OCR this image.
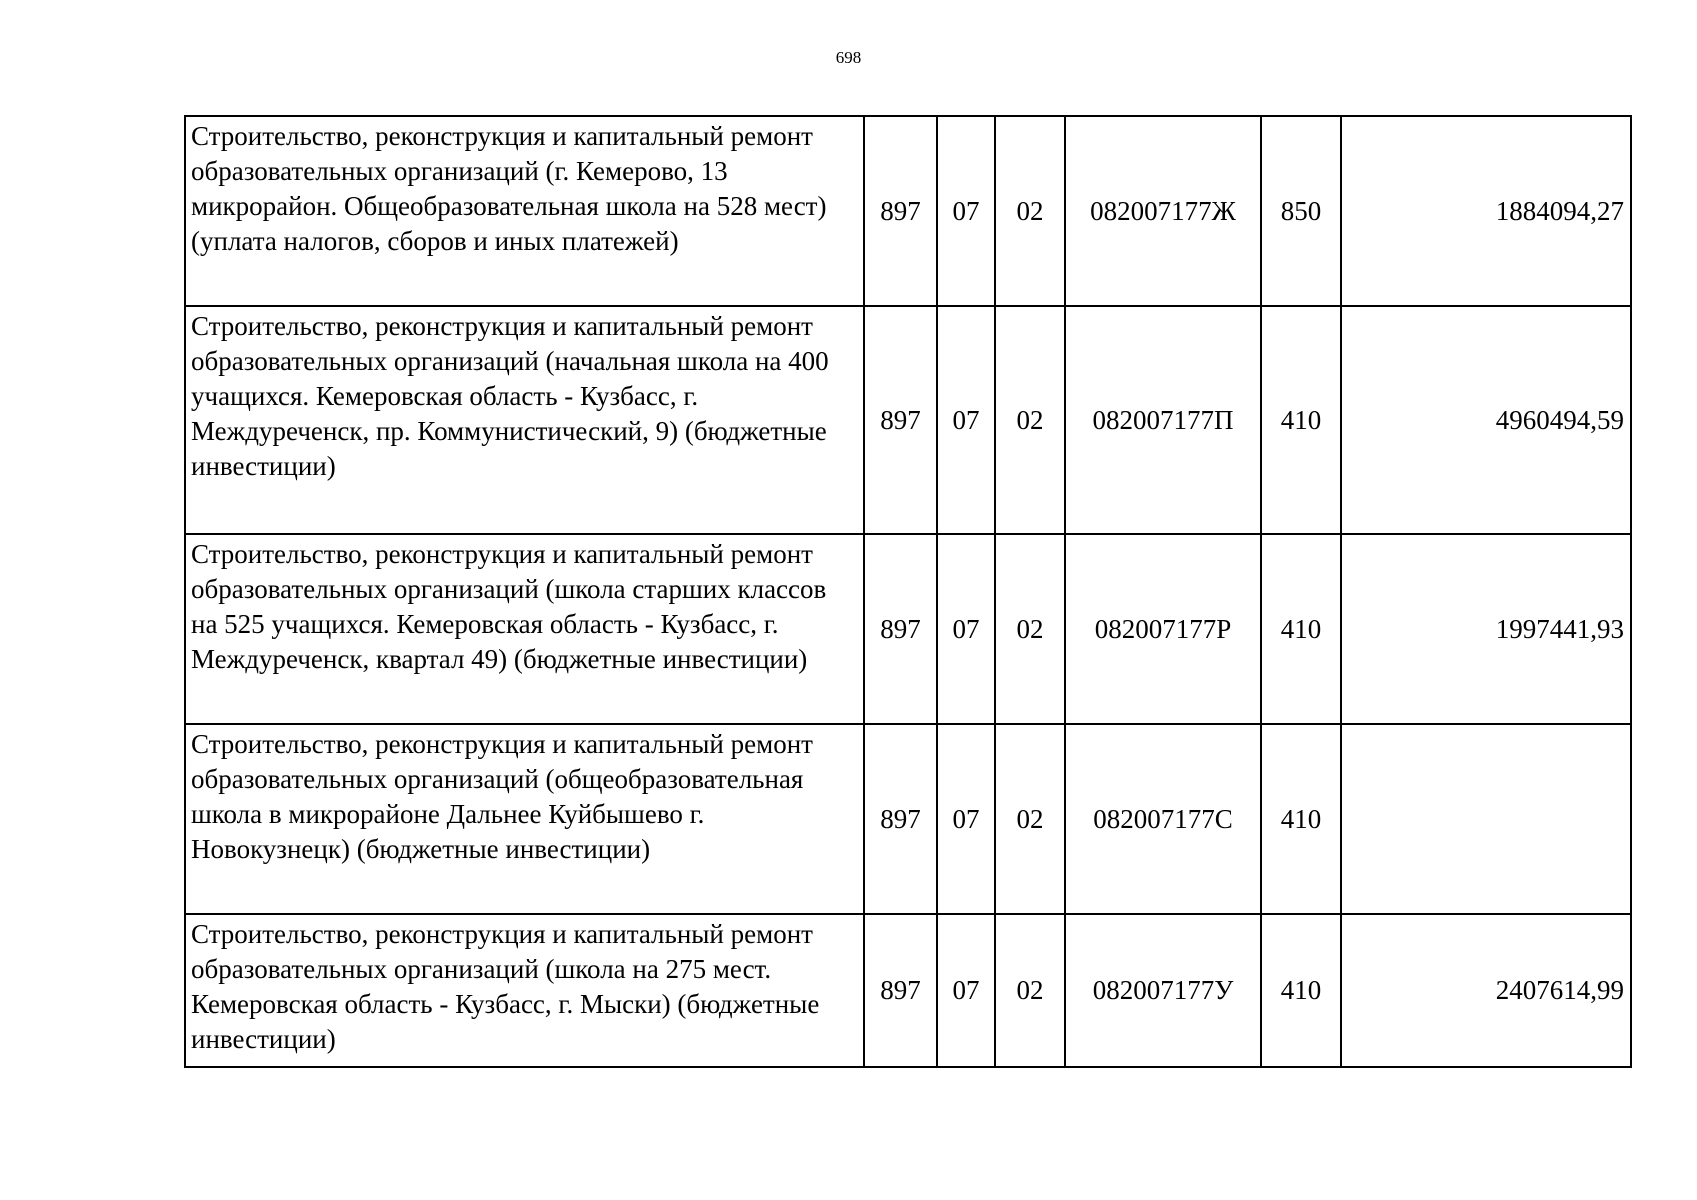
698
Строительство, реконструкция и капитальный ремонт образовательных организаций (г. Кемерово, 13 микрорайон. Общеобразовательная школа на 528 мест) (уплата налогов, сборов и иных платежей)	897	07	02	082007177Ж	850	1884094,27

Строительство, реконструкция и капитальный ремонт образовательных организаций (начальная школа на 400 учащихся. Кемеровская область - Кузбасс, г. Междуреченск, пр. Коммунистический, 9) (бюджетные инвестиции)	897	07	02	082007177П	410	4960494,59

Строительство, реконструкция и капитальный ремонт образовательных организаций (школа старших классов на 525 учащихся. Кемеровская область - Кузбасс, г. Междуреченск, квартал 49) (бюджетные инвестиции)	897	07	02	082007177Р	410	1997441,93

Строительство, реконструкция и капитальный ремонт образовательных организаций (общеобразовательная школа в микрорайоне Дальнее Куйбышево г. Новокузнецк) (бюджетные инвестиции)	897	07	02	082007177С	410	

Строительство, реконструкция и капитальный ремонт образовательных организаций (школа на 275 мест. Кемеровская область - Кузбасс, г. Мыски) (бюджетные инвестиции)	897	07	02	082007177У	410	2407614,99
